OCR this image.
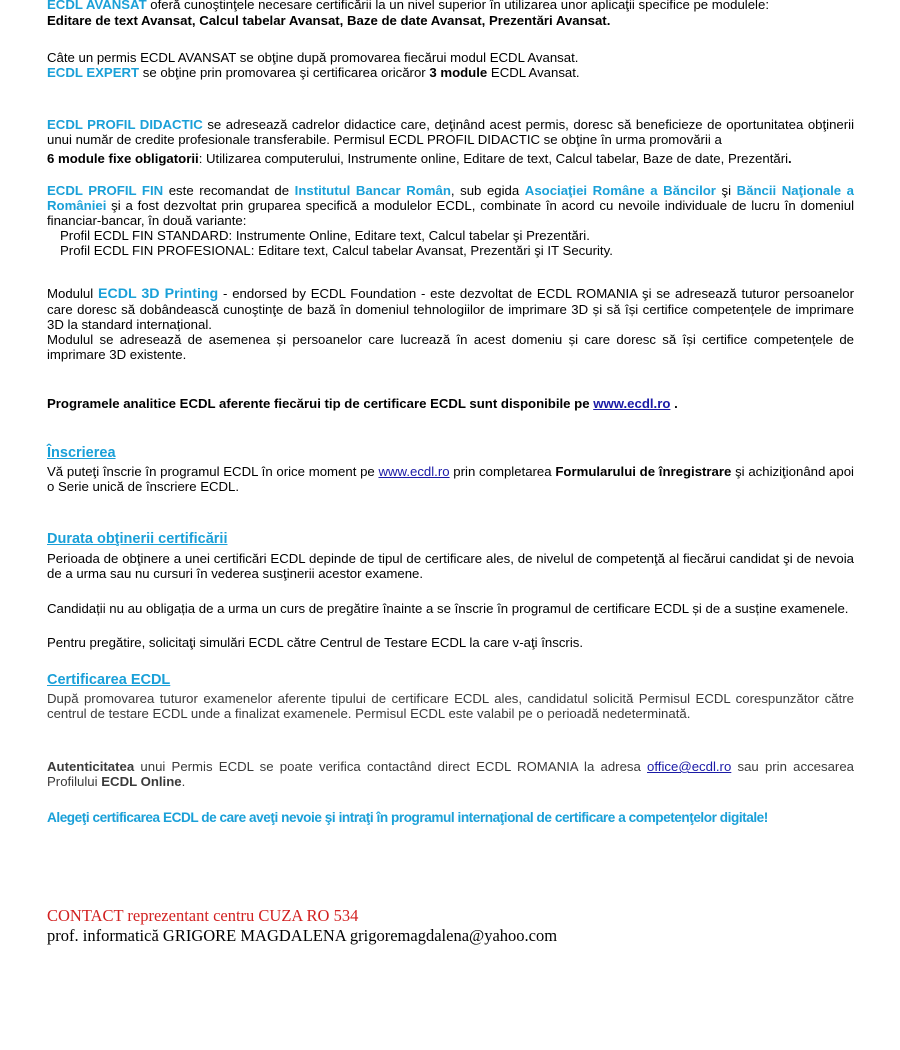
ECDL AVANSAT oferă cunoştinţele necesare certificării la un nivel superior în utilizarea unor aplicaţii specifice pe modulele:
Editare de text Avansat, Calcul tabelar Avansat, Baze de date Avansat, Prezentări Avansat.
Câte un permis ECDL AVANSAT se obţine după promovarea fiecărui modul ECDL Avansat.
ECDL EXPERT se obţine prin promovarea şi certificarea oricăror 3 module ECDL Avansat.
ECDL PROFIL DIDACTIC se adresează cadrelor didactice care, deţinând acest permis, doresc să beneficieze de oportunitatea obţinerii unui număr de credite profesionale transferabile. Permisul ECDL PROFIL DIDACTIC se obţine în urma promovării a
6 module fixe obligatorii: Utilizarea computerului, Instrumente online, Editare de text, Calcul tabelar, Baze de date, Prezentări.
ECDL PROFIL FIN este recomandat de Institutul Bancar Român, sub egida Asociaţiei Române a Băncilor şi Băncii Naţionale a României şi a fost dezvoltat prin gruparea specifică a modulelor ECDL, combinate în acord cu nevoile individuale de lucru în domeniul financiar-bancar, în două variante:
Profil ECDL FIN STANDARD: Instrumente Online, Editare text, Calcul tabelar şi Prezentări.
Profil ECDL FIN PROFESIONAL: Editare text, Calcul tabelar Avansat, Prezentări şi IT Security.
Modulul ECDL 3D Printing - endorsed by ECDL Foundation - este dezvoltat de ECDL ROMANIA şi se adresează tuturor persoanelor care doresc să dobândească cunoştinţe de bază în domeniul tehnologiilor de imprimare 3D și să își certifice competențele de imprimare 3D la standard internațional.
Modulul se adresează de asemenea și persoanelor care lucrează în acest domeniu și care doresc să își certifice competențele de imprimare 3D existente.
Programele analitice ECDL aferente fiecărui tip de certificare ECDL sunt disponibile pe www.ecdl.ro .
Înscrierea
Vă puteţi înscrie în programul ECDL în orice moment pe www.ecdl.ro prin completarea Formularului de înregistrare şi achiziţionând apoi o Serie unică de înscriere ECDL.
Durata obţinerii certificării
Perioada de obţinere a unei certificări ECDL depinde de tipul de certificare ales, de nivelul de competenţă al fiecărui candidat şi de nevoia de a urma sau nu cursuri în vederea susţinerii acestor examene.
Candidații nu au obligația de a urma un curs de pregătire înainte a se înscrie în programul de certificare ECDL și de a susține examenele.
Pentru pregătire, solicitaţi simulări ECDL către Centrul de Testare ECDL la care v-aţi înscris.
Certificarea ECDL
După promovarea tuturor examenelor aferente tipului de certificare ECDL ales, candidatul solicită Permisul ECDL corespunzător către centrul de testare ECDL unde a finalizat examenele. Permisul ECDL este valabil pe o perioadă nedeterminată.
Autenticitatea unui Permis ECDL se poate verifica contactând direct ECDL ROMANIA la adresa office@ecdl.ro sau prin accesarea Profilului ECDL Online.
Alegeţi certificarea ECDL de care aveţi nevoie şi intraţi în programul internaţional de certificare a competenţelor digitale!
CONTACT reprezentant centru CUZA RO 534
prof. informatică GRIGORE MAGDALENA grigoremagdalena@yahoo.com
